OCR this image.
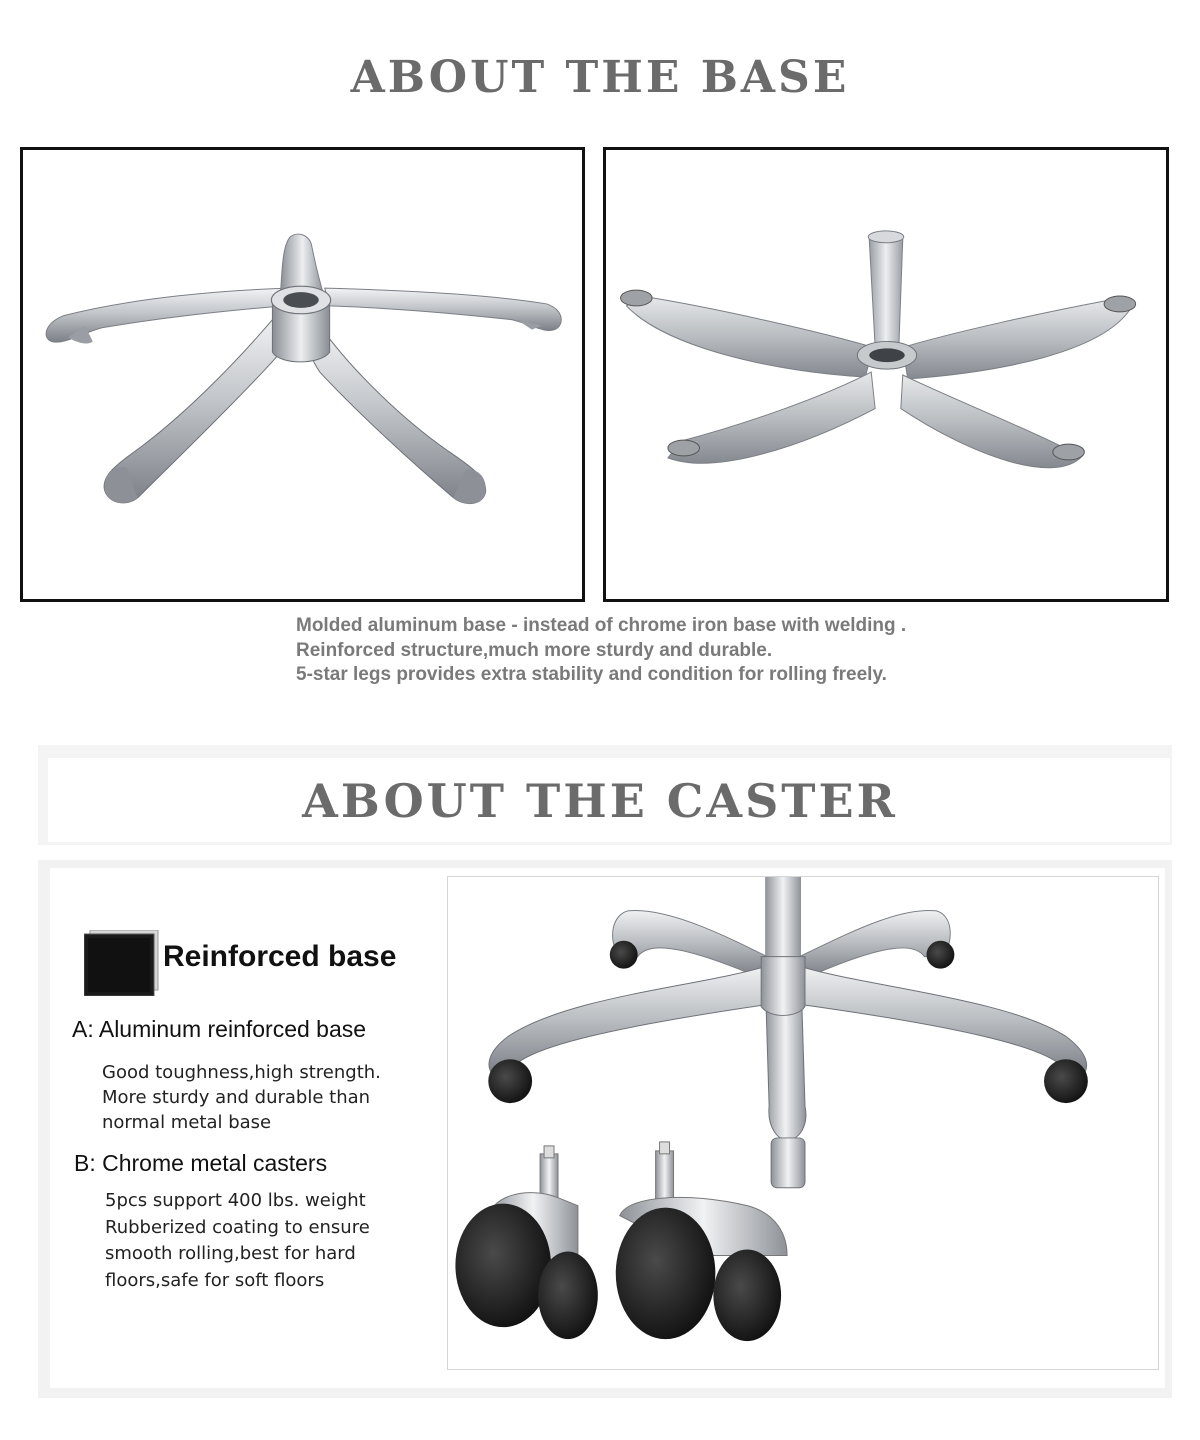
ABOUT THE BASE
Molded aluminum base - instead of chrome iron base with welding .
Reinforced structure,much more sturdy and durable.
5-star legs provides extra stability and condition for rolling freely.
ABOUT THE CASTER
Reinforced base
A: Aluminum reinforced base
Good toughness,high strength.
More sturdy and durable than
normal metal base
B: Chrome metal casters
5pcs support 400 lbs. weight
Rubberized coating to ensure
smooth rolling,best for hard
floors,safe for soft floors
